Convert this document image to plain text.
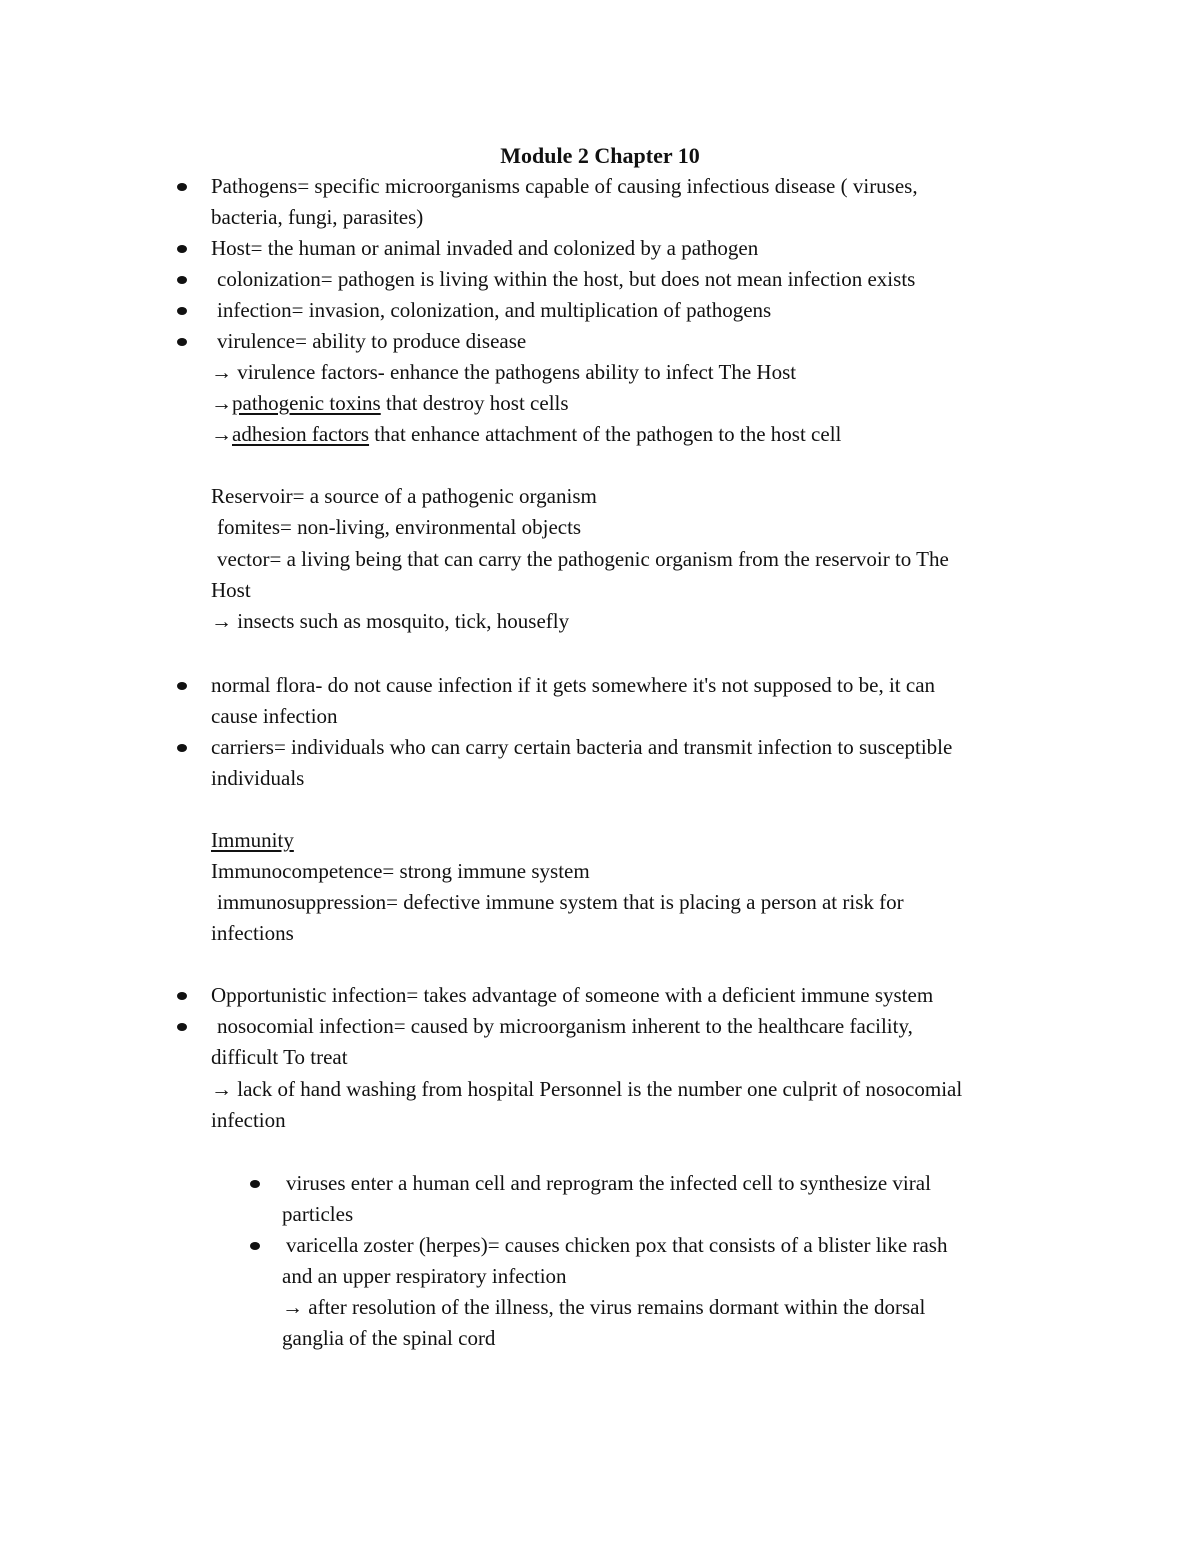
Module 2 Chapter 10
Pathogens= specific microorganisms capable of causing infectious disease ( viruses,
bacteria, fungi, parasites)
Host= the human or animal invaded and colonized by a pathogen
colonization= pathogen is living within the host, but does not mean infection exists
infection= invasion, colonization, and multiplication of pathogens
virulence= ability to produce disease
→ virulence factors- enhance the pathogens ability to infect The Host
→pathogenic toxins that destroy host cells
→adhesion factors that enhance attachment of the pathogen to the host cell
Reservoir= a source of a pathogenic organism
fomites= non-living, environmental objects
vector= a living being that can carry the pathogenic organism from the reservoir to The
Host
→ insects such as mosquito, tick, housefly
normal flora- do not cause infection if it gets somewhere it's not supposed to be, it can
cause infection
carriers= individuals who can carry certain bacteria and transmit infection to susceptible
individuals
Immunity
Immunocompetence= strong immune system
immunosuppression= defective immune system that is placing a person at risk for
infections
Opportunistic infection= takes advantage of someone with a deficient immune system
nosocomial infection= caused by microorganism inherent to the healthcare facility,
difficult To treat
→ lack of hand washing from hospital Personnel is the number one culprit of nosocomial
infection
viruses enter a human cell and reprogram the infected cell to synthesize viral
particles
varicella zoster (herpes)= causes chicken pox that consists of a blister like rash
and an upper respiratory infection
→ after resolution of the illness, the virus remains dormant within the dorsal
ganglia of the spinal cord
